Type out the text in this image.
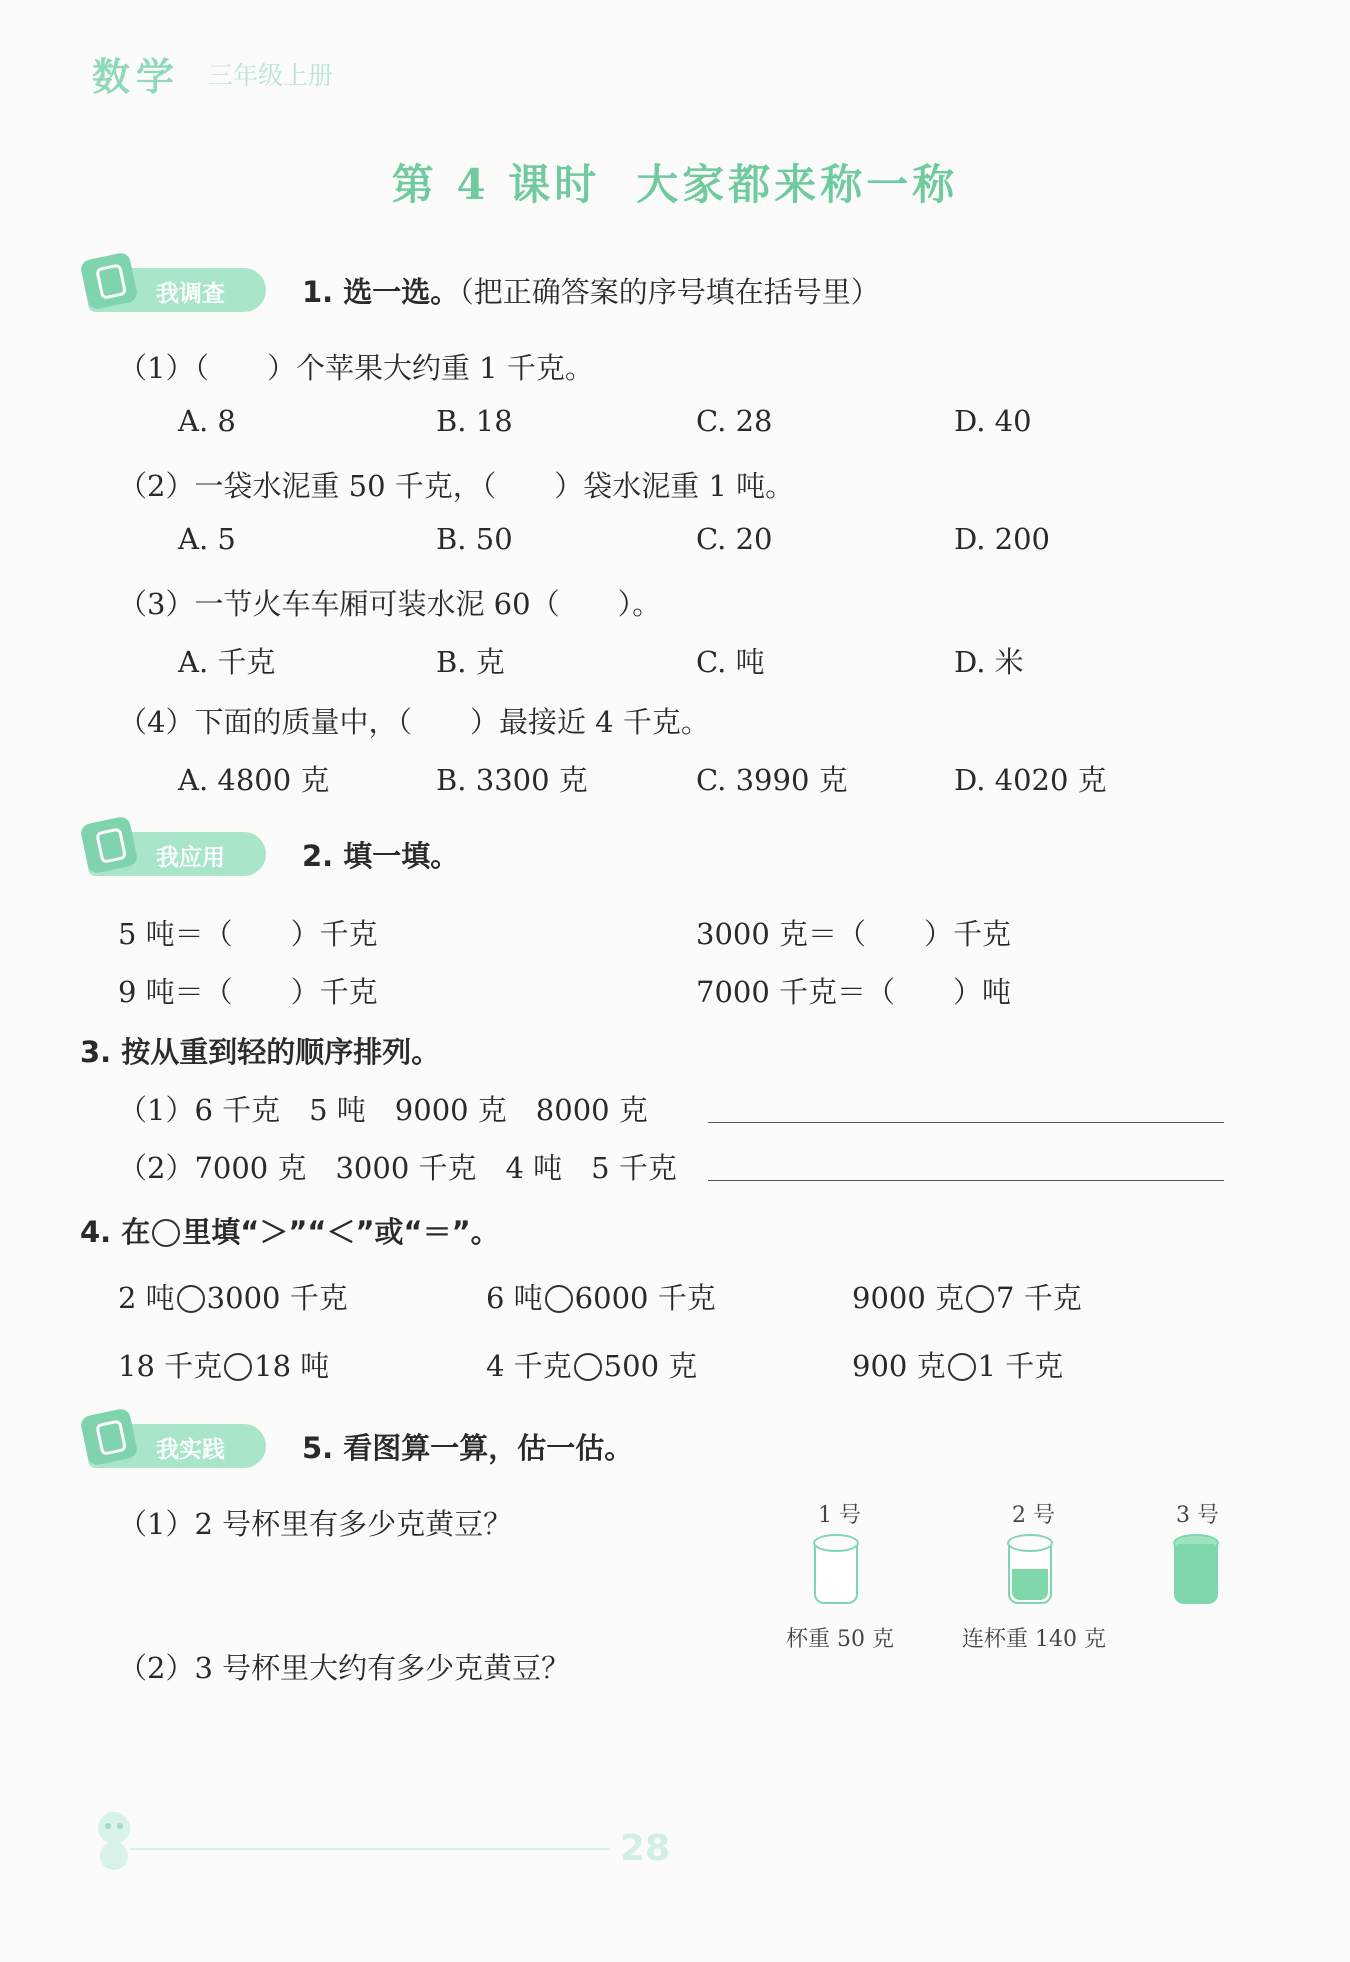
数学 三年级上册
第 4 课时 大家都来称一称
我调查	1. 选一选。（把正确答案的序号填在括号里）
（1）（　　）个苹果大约重 1 千克。
A. 8	B. 18	C. 28	D. 40
（2）一袋水泥重 50 千克，（　　）袋水泥重 1 吨。
A. 5	B. 50	C. 20	D. 200
（3）一节火车车厢可装水泥 60（　　）。
A. 千克	B. 克	C. 吨	D. 米
（4）下面的质量中，（　　）最接近 4 千克。
A. 4800 克	B. 3300 克	C. 3990 克	D. 4020 克
我应用	2. 填一填。
5 吨＝（　　）千克	3000 克＝（　　）千克
9 吨＝（　　）千克	7000 千克＝（　　）吨
3. 按从重到轻的顺序排列。
（1）6 千克　5 吨　9000 克　8000 克
（2）7000 克　3000 千克　4 吨　5 千克
4. 在 里填“＞”“＜”或“＝”。
2 吨 3000 千克	6 吨 6000 千克	9000 克 7 千克
18 千克 18 吨	4 千克 500 克	900 克 1 千克
我实践	5. 看图算一算，估一估。
（1）2 号杯里有多少克黄豆？
（2）3 号杯里大约有多少克黄豆？
1 号
杯重 50 克
2 号
连杯重 140 克
3 号
28
